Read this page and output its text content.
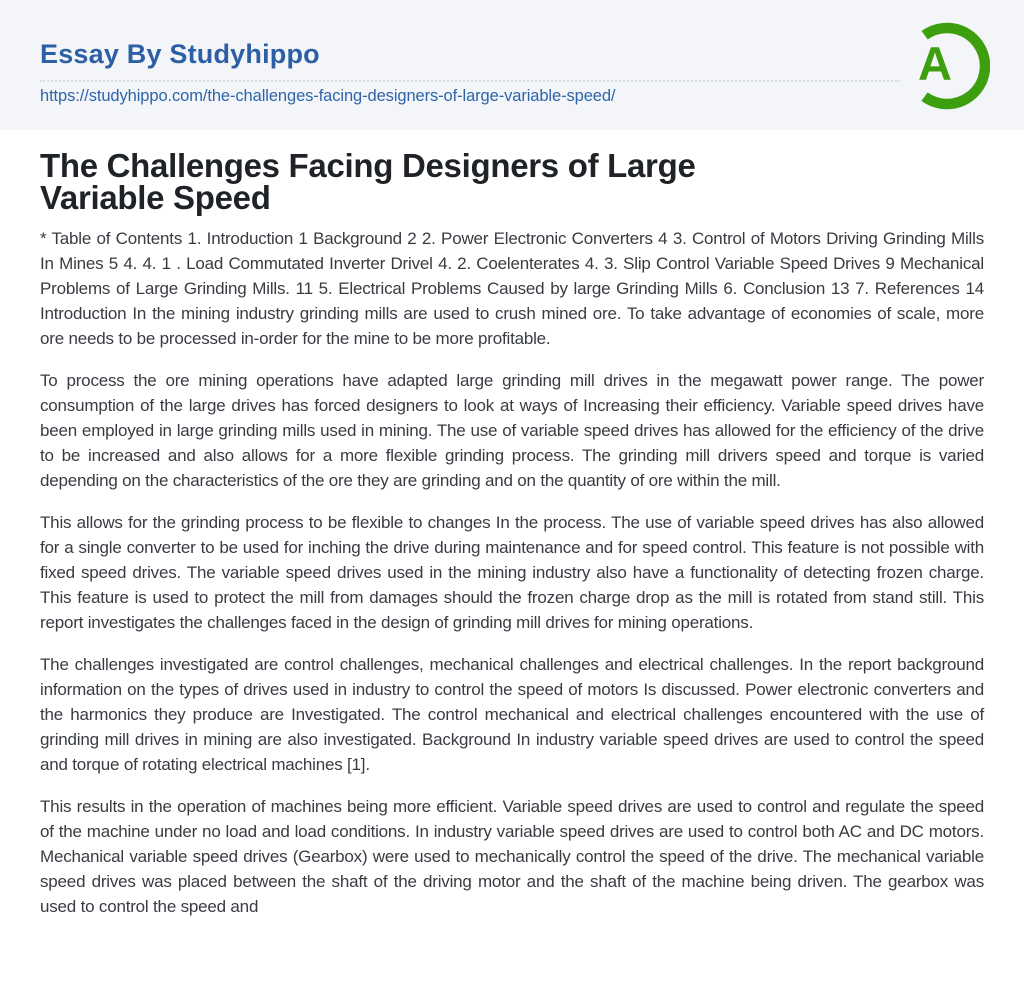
Essay By Studyhippo
https://studyhippo.com/the-challenges-facing-designers-of-large-variable-speed/
A
The Challenges Facing Designers of Large
Variable Speed

* Table of Contents 1. Introduction 1 Background 2 2. Power Electronic Converters 4 3. Control of Motors Driving Grinding Mills In Mines 5 4. 4. 1 . Load Commutated Inverter Drivel 4. 2. Coelenterates 4. 3. Slip Control Variable Speed Drives 9 Mechanical Problems of Large Grinding Mills. 11 5. Electrical Problems Caused by large Grinding Mills 6. Conclusion 13 7. References 14 Introduction In the mining industry grinding mills are used to crush mined ore. To take advantage of economies of scale, more ore needs to be processed in-order for the mine to be more profitable.

To process the ore mining operations have adapted large grinding mill drives in the megawatt power range. The power consumption of the large drives has forced designers to look at ways of Increasing their efficiency. Variable speed drives have been employed in large grinding mills used in mining. The use of variable speed drives has allowed for the efficiency of the drive to be increased and also allows for a more flexible grinding process. The grinding mill drivers speed and torque is varied depending on the characteristics of the ore they are grinding and on the quantity of ore within the mill.

This allows for the grinding process to be flexible to changes In the process. The use of variable speed drives has also allowed for a single converter to be used for inching the drive during maintenance and for speed control. This feature is not possible with fixed speed drives. The variable speed drives used in the mining industry also have a functionality of detecting frozen charge. This feature is used to protect the mill from damages should the frozen charge drop as the mill is rotated from stand still. This report investigates the challenges faced in the design of grinding mill drives for mining operations.

The challenges investigated are control challenges, mechanical challenges and electrical challenges. In the report background information on the types of drives used in industry to control the speed of motors Is discussed. Power electronic converters and the harmonics they produce are Investigated. The control mechanical and electrical challenges encountered with the use of grinding mill drives in mining are also investigated. Background In industry variable speed drives are used to control the speed and torque of rotating electrical machines [1].

This results in the operation of machines being more efficient. Variable speed drives are used to control and regulate the speed of the machine under no load and load conditions. In industry variable speed drives are used to control both AC and DC motors. Mechanical variable speed drives (Gearbox) were used to mechanically control the speed of the drive. The mechanical variable speed drives was placed between the shaft of the driving motor and the shaft of the machine being driven. The gearbox was used to control the speed and
